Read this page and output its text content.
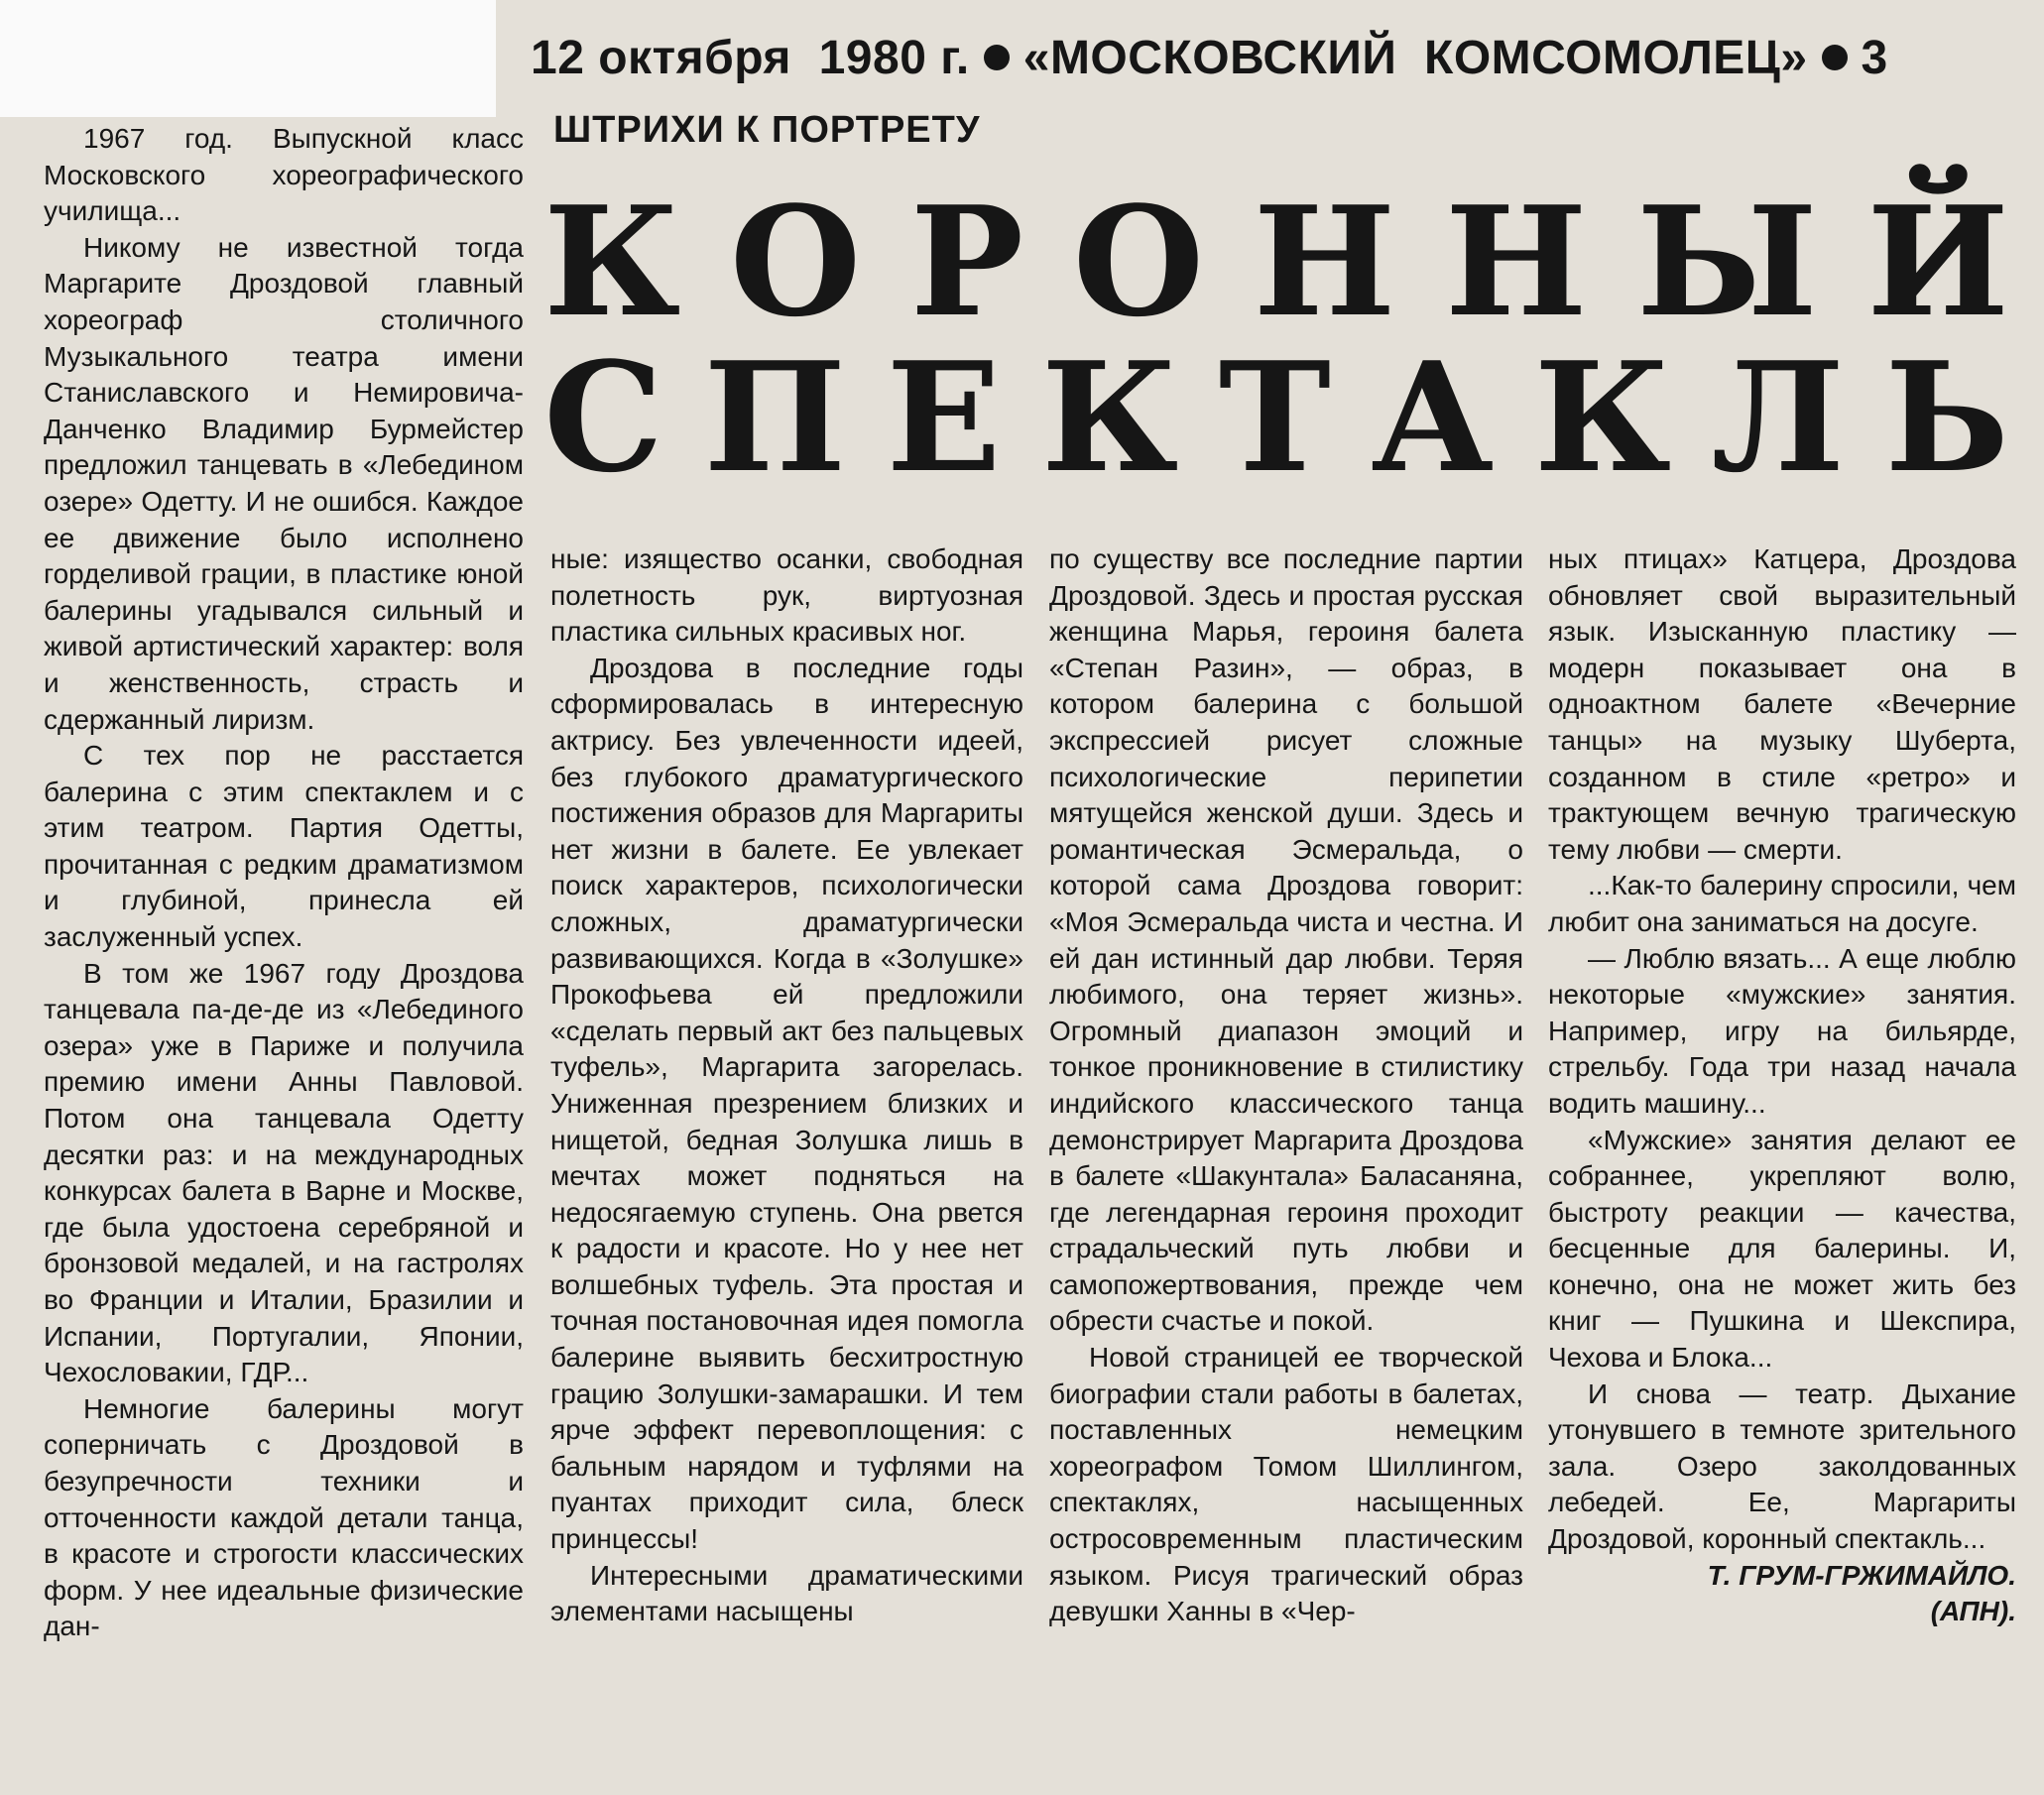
12 октября  1980 г. «МОСКОВСКИЙ  КОМСОМОЛЕЦ» 3
ШТРИХИ К ПОРТРЕТУ
К О Р О Н Н Ы Й
С П Е К Т А К Л Ь

1967 год. Выпускной класс Московского хореографического училища...

Никому не известной тогда Маргарите Дроздовой главный хореограф столичного Музыкального театра имени Станиславского и Немировича-Данченко Владимир Бурмейстер предложил танцевать в «Лебедином озере» Одетту. И не ошибся. Каждое ее движение было исполнено горделивой грации, в пластике юной балерины угадывался сильный и живой артистический характер: воля и женственность, страсть и сдержанный лиризм.

С тех пор не расстается балерина с этим спектаклем и с этим театром. Партия Одетты, прочитанная с редким драматизмом и глубиной, принесла ей заслуженный успех.

В том же 1967 году Дроздова танцевала па-де-де из «Лебединого озера» уже в Париже и получила премию имени Анны Павловой. Потом она танцевала Одетту десятки раз: и на международных конкурсах балета в Варне и Москве, где была удостоена серебряной и бронзовой медалей, и на гастролях во Франции и Италии, Бразилии и Испании, Португалии, Японии, Чехословакии, ГДР...

Немногие балерины могут соперничать с Дроздовой в безупречности техники и отточенности каждой детали танца, в красоте и строгости классических форм. У нее идеальные физические дан-

ные: изящество осанки, свободная полетность рук, виртуозная пластика сильных красивых ног.

Дроздова в последние годы сформировалась в интересную актрису. Без увлеченности идеей, без глубокого драматургического постижения образов для Маргариты нет жизни в балете. Ее увлекает поиск характеров, психологически сложных, драматургически развивающихся. Когда в «Золушке» Прокофьева ей предложили «сделать первый акт без пальцевых туфель», Маргарита загорелась. Униженная презрением близких и нищетой, бедная Золушка лишь в мечтах может подняться на недосягаемую ступень. Она рвется к радости и красоте. Но у нее нет волшебных туфель. Эта простая и точная постановочная идея помогла балерине выявить бесхитростную грацию Золушки-замарашки. И тем ярче эффект перевоплощения: с бальным нарядом и туфлями на пуантах приходит сила, блеск принцессы!

Интересными драматическими элементами насыщены

по существу все последние партии Дроздовой. Здесь и простая русская женщина Марья, героиня балета «Степан Разин», — образ, в котором балерина с большой экспрессией рисует сложные психологические перипетии мятущейся женской души. Здесь и романтическая Эсмеральда, о которой сама Дроздова говорит: «Моя Эсмеральда чиста и честна. И ей дан истинный дар любви. Теряя любимого, она теряет жизнь». Огромный диапазон эмоций и тонкое проникновение в стилистику индийского классического танца демонстрирует Маргарита Дроздова в балете «Шакунтала» Баласаняна, где легендарная героиня проходит страдальческий путь любви и самопожертвования, прежде чем обрести счастье и покой.

Новой страницей ее творческой биографии стали работы в балетах, поставленных немецким хореографом Томом Шиллингом, спектаклях, насыщенных остросовременным пластическим языком. Рисуя трагический образ девушки Ханны в «Чер-

ных птицах» Катцера, Дроздова обновляет свой выразительный язык. Изысканную пластику — модерн показывает она в одноактном балете «Вечерние танцы» на музыку Шуберта, созданном в стиле «ретро» и трактующем вечную трагическую тему любви — смерти.

...Как-то балерину спросили, чем любит она заниматься на досуге.

— Люблю вязать... А еще люблю некоторые «мужские» занятия. Например, игру на бильярде, стрельбу. Года три назад начала водить машину...

«Мужские» занятия делают ее собраннее, укрепляют волю, быстроту реакции — качества, бесценные для балерины. И, конечно, она не может жить без книг — Пушкина и Шекспира, Чехова и Блока...

И снова — театр. Дыхание утонувшего в темноте зрительного зала. Озеро заколдованных лебедей. Ее, Маргариты Дроздовой, коронный спектакль...

Т. ГРУМ-ГРЖИМАЙЛО.

(АПН).
